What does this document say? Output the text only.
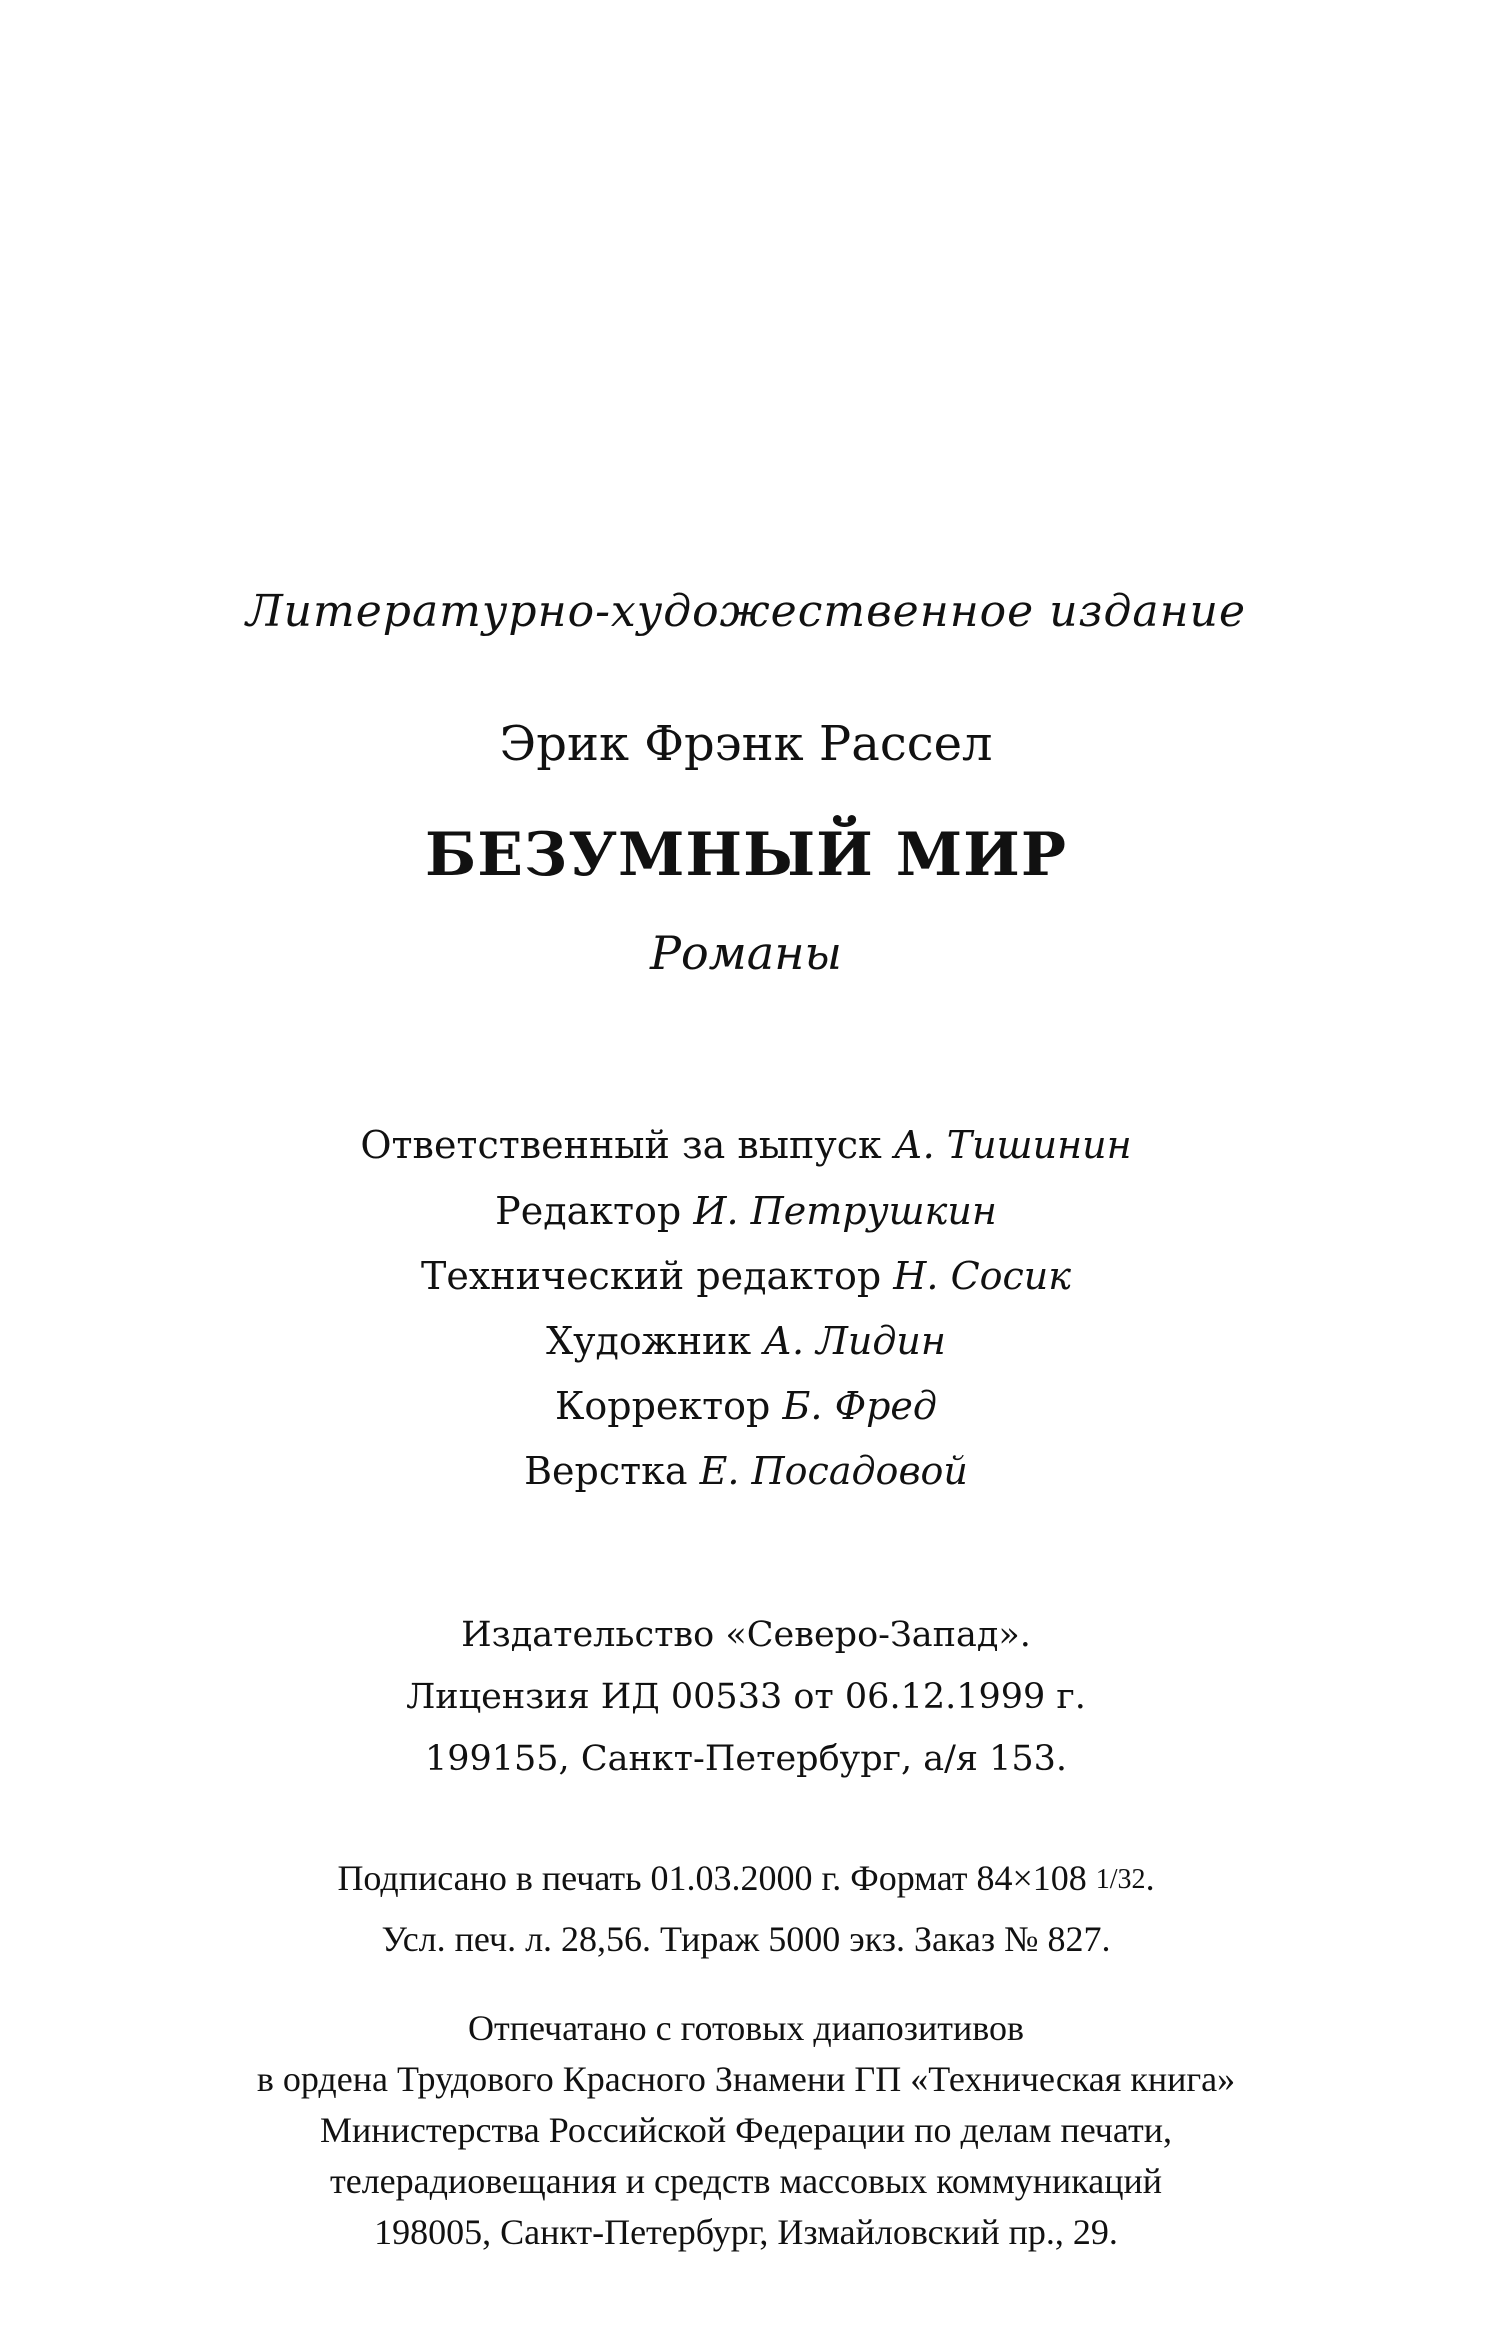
Литературно-художественное издание
Эрик Фрэнк Рассел
БЕЗУМНЫЙ МИР
Романы
Ответственный за выпуск А. Тишинин
Редактор И. Петрушкин
Технический редактор Н. Сосик
Художник А. Лидин
Корректор Б. Фред
Верстка Е. Посадовой
Издательство «Северо-Запад».
Лицензия ИД 00533 от 06.12.1999 г.
199155, Санкт-Петербург, а/я 153.
Подписано в печать 01.03.2000 г. Формат 84×108 1/32.
Усл. печ. л. 28,56. Тираж 5000 экз. Заказ № 827.
Отпечатано с готовых диапозитивов
в ордена Трудового Красного Знамени ГП «Техническая книга»
Министерства Российской Федерации по делам печати,
телерадиовещания и средств массовых коммуникаций
198005, Санкт-Петербург, Измайловский пр., 29.
